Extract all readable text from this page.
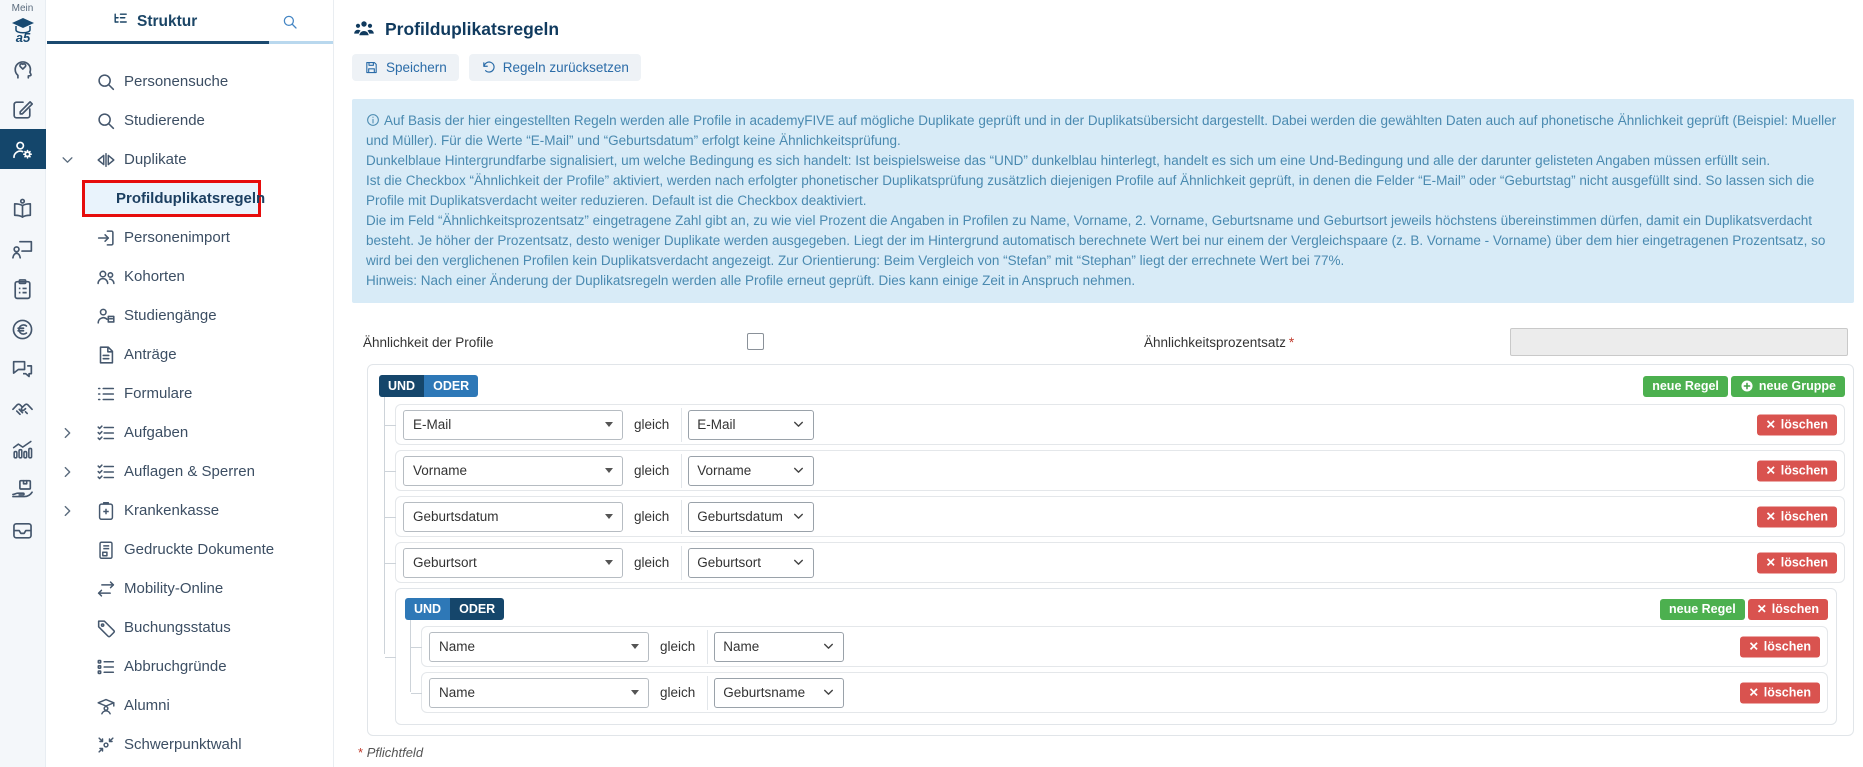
Mein
a5
Struktur
Personensuche
Studierende
Duplikate
Profilduplikatsregeln
Personenimport
Kohorten
Studiengänge
Anträge
Formulare
Aufgaben
Auflagen & Sperren
Krankenkasse
Gedruckte Dokumente
Mobility-Online
Buchungsstatus
Abbruchgründe
Alumni
Schwerpunktwahl
Profilduplikatsregeln
Speichern	Regeln zurücksetzen
Auf Basis der hier eingestellten Regeln werden alle Profile in academyFIVE auf mögliche Duplikate geprüft und in der Duplikatsübersicht dargestellt. Dabei werden die gewählten Daten auch auf phonetische Ähnlichkeit geprüft (Beispiel: Mueller und Müller). Für die Werte “E-Mail” und “Geburtsdatum” erfolgt keine Ähnlichkeitsprüfung.
Dunkelblaue Hintergrundfarbe signalisiert, um welche Bedingung es sich handelt: Ist beispielsweise das “UND” dunkelblau hinterlegt, handelt es sich um eine Und-Bedingung und alle der darunter gelisteten Angaben müssen erfüllt sein.
Ist die Checkbox “Ähnlichkeit der Profile” aktiviert, werden nach erfolgter phonetischer Duplikatsprüfung zusätzlich diejenigen Profile auf Ähnlichkeit geprüft, in denen die Felder “E-Mail” oder “Geburtstag” nicht ausgefüllt sind. So lassen sich die Profile mit Duplikatsverdacht weiter reduzieren. Default ist die Checkbox deaktiviert.
Die im Feld “Ähnlichkeitsprozentsatz” eingetragene Zahl gibt an, zu wie viel Prozent die Angaben in Profilen zu Name, Vorname, 2. Vorname, Geburtsname und Geburtsort jeweils höchstens übereinstimmen dürfen, damit ein Duplikatsverdacht besteht. Je höher der Prozentsatz, desto weniger Duplikate werden ausgegeben. Liegt der im Hintergrund automatisch berechnete Wert bei nur einem der Vergleichspaare (z. B. Vorname - Vorname) über dem hier eingetragenen Prozentsatz, so wird bei den verglichenen Profilen kein Duplikatsverdacht angezeigt. Zur Orientierung: Beim Vergleich von “Stefan” mit “Stephan” liegt der errechnete Wert bei 77%.
Hinweis: Nach einer Änderung der Duplikatsregeln werden alle Profile erneut geprüft. Dies kann einige Zeit in Anspruch nehmen.
Ähnlichkeit der Profile	Ähnlichkeitsprozentsatz *
UND	ODER	neue Regel	neue Gruppe
E-Mail	gleich E-Mail	✕ löschen
Vorname	gleich Vorname	✕ löschen
Geburtsdatum	gleich Geburtsdatum	✕ löschen
Geburtsort	gleich Geburtsort	✕ löschen
UND	ODER	neue Regel ✕ löschen
Name	gleich Name	✕ löschen
Name	gleich Geburtsname	✕ löschen
* Pflichtfeld
